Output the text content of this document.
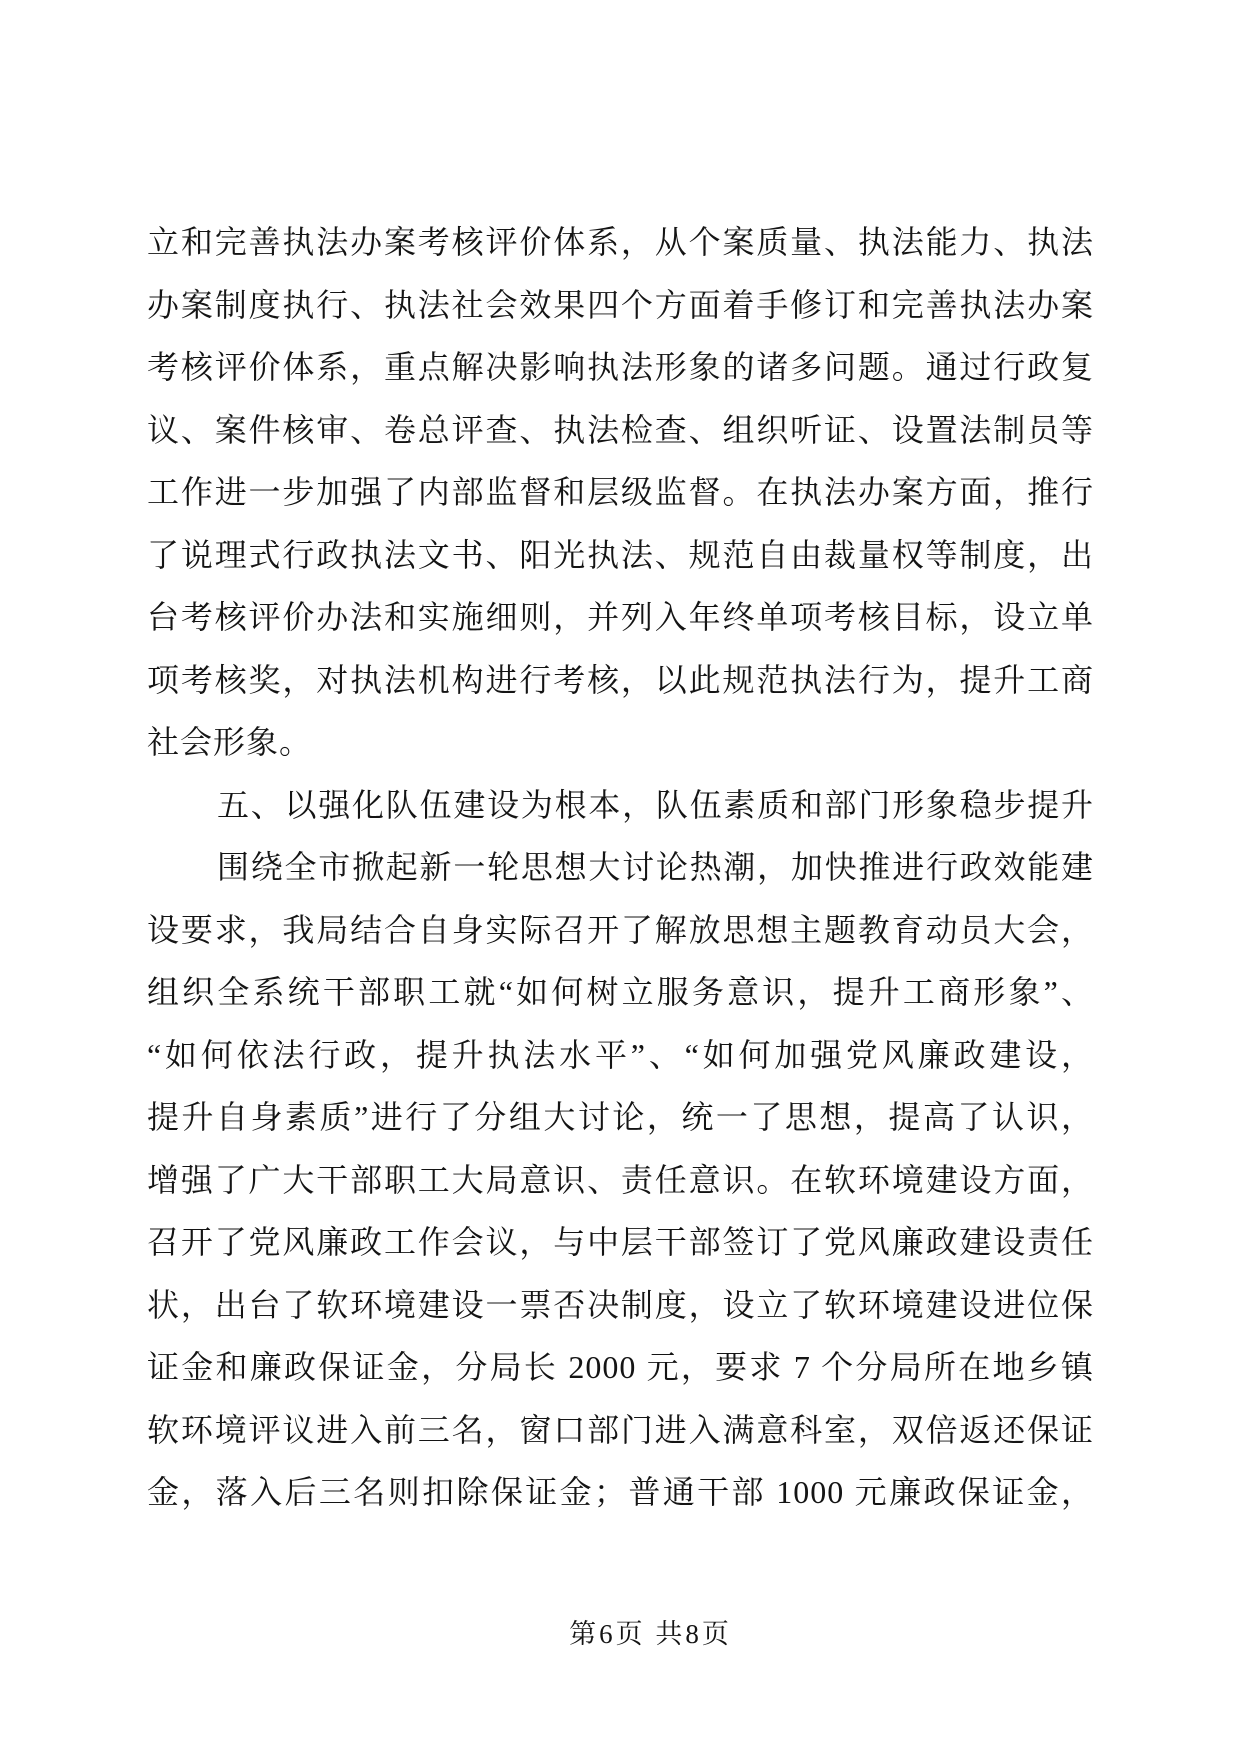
立和完善执法办案考核评价体系，从个案质量、执法能力、执法
办案制度执行、执法社会效果四个方面着手修订和完善执法办案
考核评价体系，重点解决影响执法形象的诸多问题。通过行政复
议、案件核审、卷总评查、执法检查、组织听证、设置法制员等
工作进一步加强了内部监督和层级监督。在执法办案方面，推行
了说理式行政执法文书、阳光执法、规范自由裁量权等制度，出
台考核评价办法和实施细则，并列入年终单项考核目标，设立单
项考核奖，对执法机构进行考核，以此规范执法行为，提升工商
社会形象。
五、以强化队伍建设为根本，队伍素质和部门形象稳步提升
围绕全市掀起新一轮思想大讨论热潮，加快推进行政效能建
设要求，我局结合自身实际召开了解放思想主题教育动员大会，
组织全系统干部职工就“如何树立服务意识，提升工商形象”、
“如何依法行政，提升执法水平”、“如何加强党风廉政建设，
提升自身素质”进行了分组大讨论，统一了思想，提高了认识，
增强了广大干部职工大局意识、责任意识。在软环境建设方面，
召开了党风廉政工作会议，与中层干部签订了党风廉政建设责任
状，出台了软环境建设一票否决制度，设立了软环境建设进位保
证金和廉政保证金，分局长 2000 元，要求 7 个分局所在地乡镇
软环境评议进入前三名，窗口部门进入满意科室，双倍返还保证
金，落入后三名则扣除保证金；普通干部 1000 元廉政保证金，
第6页 共8页
